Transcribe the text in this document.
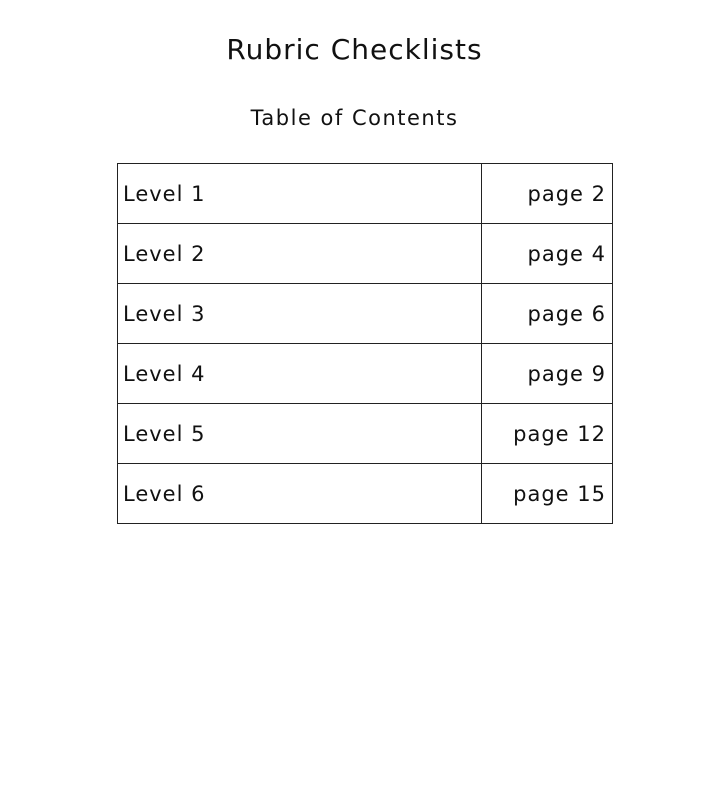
Rubric Checklists
Table of Contents
Level 1	page 2
Level 2	page 4
Level 3	page 6
Level 4	page 9
Level 5	page 12
Level 6	page 15
